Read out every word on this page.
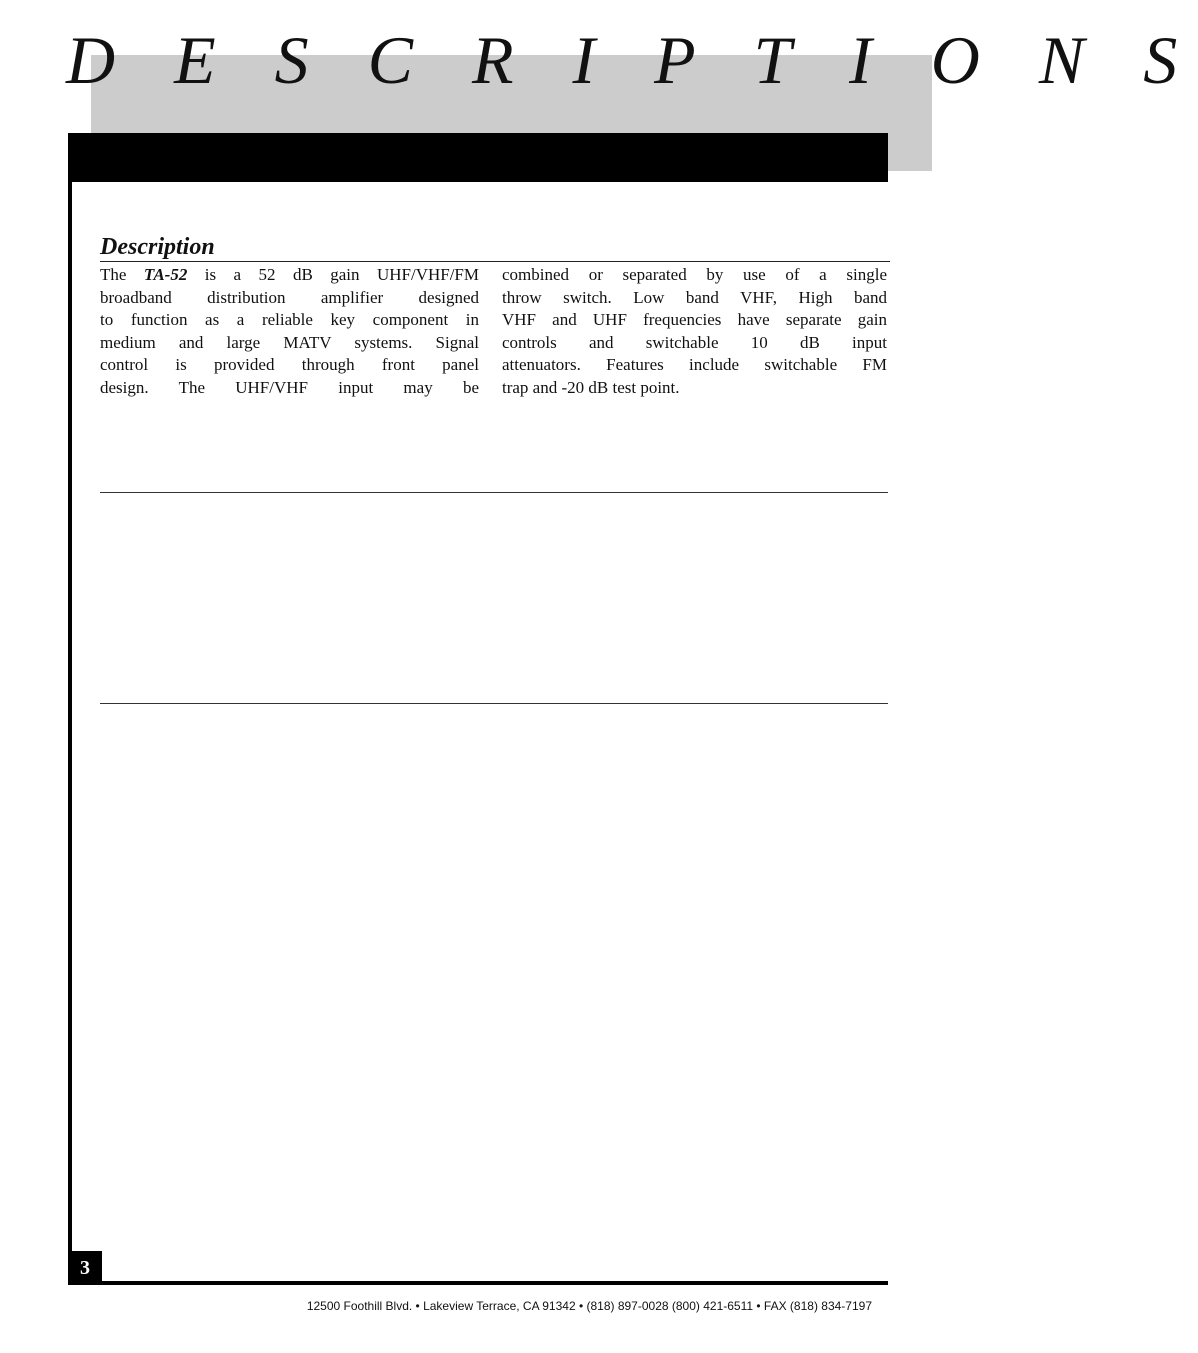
D E S C R I P T I O N S
Description
The TA-52 is a 52 dB gain UHF/VHF/FM
broadband distribution amplifier designed
to function as a reliable key component in
medium and large MATV systems. Signal
control is provided through front panel
design. The UHF/VHF input may be
combined or separated by use of a single
throw switch. Low band VHF, High band
VHF and UHF frequencies have separate gain
controls and switchable 10 dB input
attenuators. Features include switchable FM
trap and -20 dB test point.
3
12500 Foothill Blvd. • Lakeview Terrace, CA 91342 • (818) 897-0028 (800) 421-6511 • FAX (818) 834-7197
